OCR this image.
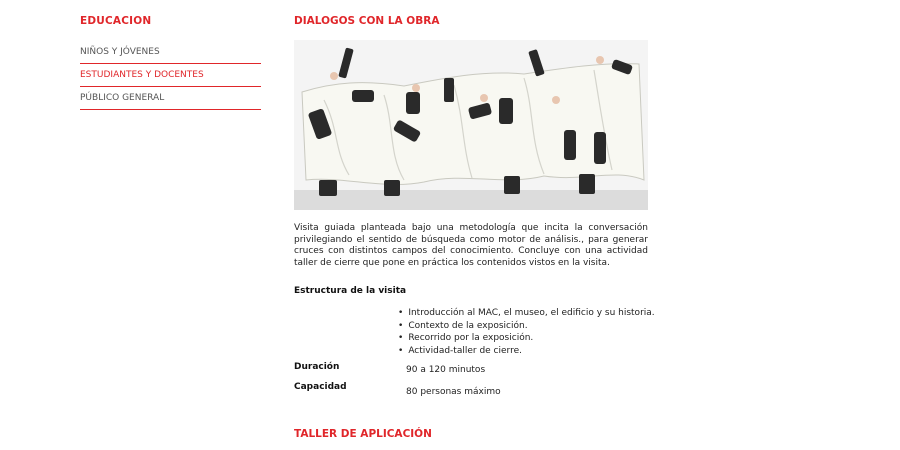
EDUCACION
NIÑOS Y JÓVENES
ESTUDIANTES Y DOCENTES
PÚBLICO GENERAL
DIALOGOS CON LA OBRA

Visita guiada planteada bajo una metodología que incita la conversación privilegiando el sentido de búsqueda como motor de análisis., para generar cruces con distintos campos del conocimiento. Concluye con una actividad taller de cierre que pone en práctica los contenidos vistos en la visita.

Estructura de la visita
• Introducción al MAC, el museo, el edificio y su historia.
• Contexto de la exposición.
• Recorrido por la exposición.
• Actividad-taller de cierre.
Duración	90 a 120 minutos
Capacidad	80 personas máximo
TALLER DE APLICACIÓN
